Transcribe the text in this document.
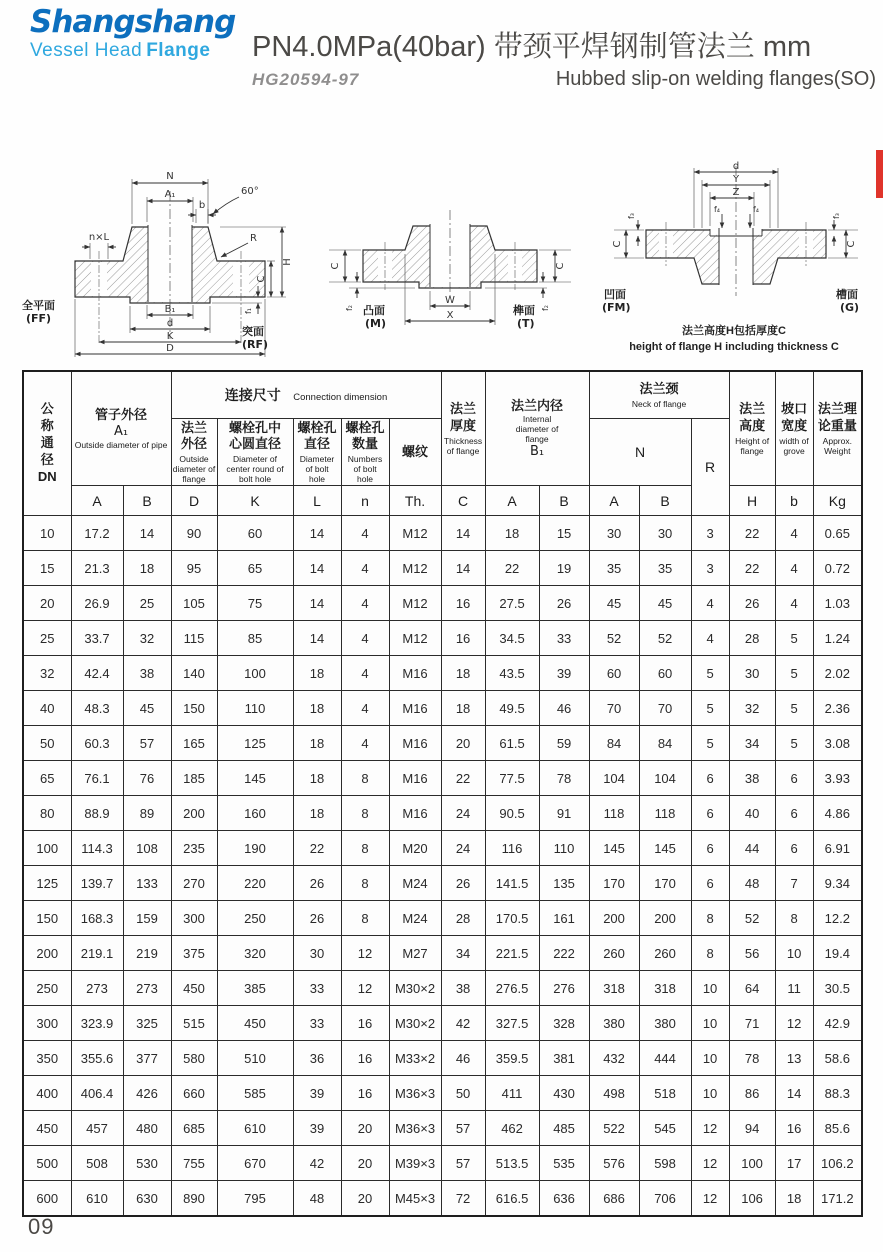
Shangshang
Vessel Head Flange	PN4.0MPa(40bar) 带颈平焊钢制管法兰 mm
HG20594-97	Hubbed slip-on welding flanges(SO)
N
A₁	60°
b
R
n×L
B₁
d
K
D
H
C
f₁
全平面
(FF)
突面
(RF)
C
f₂
C
f₂
W
X
凸面
(M)
榫面
(T)
d
Y
Z
f₄	f₄
C
f₃
C
f₃
凹面
(FM)
槽面
(G)
法兰高度H包括厚度C
height of flange H including thickness C
公称通径
DN

管子外径
A₁
Outside diameter of pipe
	连接尺寸 Connection dimension	法兰厚度
Thickness of flange

法兰内径
Internal diameter of flange
B₁

法兰颈
Neck of flange	法兰高度
Height of flange
	坡口宽度
width of grove
	法兰理论重量
Approx. Weight

			法兰外径
Outside diameter of flange	螺栓孔中心圆直径
Diameter of center round of bolt hole	螺栓孔直径
Diameter of bolt hole	螺栓孔数量
Numbers of bolt hole	螺纹				N		R			
	A	B	D	K	L	n	Th.	C	A	B	A	B		H	b	Kg
10	17.2	14	90	60	14	4	M12	14	18	15	30	30	3	22	4	0.65
15	21.3	18	95	65	14	4	M12	14	22	19	35	35	3	22	4	0.72
20	26.9	25	105	75	14	4	M12	16	27.5	26	45	45	4	26	4	1.03
25	33.7	32	115	85	14	4	M12	16	34.5	33	52	52	4	28	5	1.24
32	42.4	38	140	100	18	4	M16	18	43.5	39	60	60	5	30	5	2.02
40	48.3	45	150	110	18	4	M16	18	49.5	46	70	70	5	32	5	2.36
50	60.3	57	165	125	18	4	M16	20	61.5	59	84	84	5	34	5	3.08
65	76.1	76	185	145	18	8	M16	22	77.5	78	104	104	6	38	6	3.93
80	88.9	89	200	160	18	8	M16	24	90.5	91	118	118	6	40	6	4.86
100	114.3	108	235	190	22	8	M20	24	116	110	145	145	6	44	6	6.91
125	139.7	133	270	220	26	8	M24	26	141.5	135	170	170	6	48	7	9.34
150	168.3	159	300	250	26	8	M24	28	170.5	161	200	200	8	52	8	12.2
200	219.1	219	375	320	30	12	M27	34	221.5	222	260	260	8	56	10	19.4
250	273	273	450	385	33	12	M30×2	38	276.5	276	318	318	10	64	11	30.5
300	323.9	325	515	450	33	16	M30×2	42	327.5	328	380	380	10	71	12	42.9
350	355.6	377	580	510	36	16	M33×2	46	359.5	381	432	444	10	78	13	58.6
400	406.4	426	660	585	39	16	M36×3	50	411	430	498	518	10	86	14	88.3
450	457	480	685	610	39	20	M36×3	57	462	485	522	545	12	94	16	85.6
500	508	530	755	670	42	20	M39×3	57	513.5	535	576	598	12	100	17	106.2
600	610	630	890	795	48	20	M45×3	72	616.5	636	686	706	12	106	18	171.2
09
